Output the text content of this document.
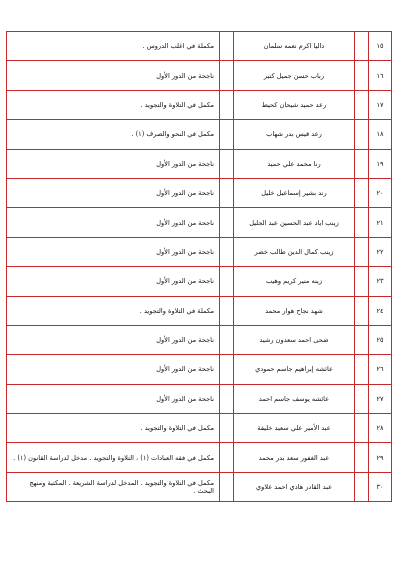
١٥		داليا اكرم نعمه سلمان		مكملة في اغلب الدروس .
١٦		رباب حسن جميل كتبر		ناجحة من الدور الأول
١٧		رعد حميد شيحان كحيط		مكمل في التلاوة والتجويد .
١٨		رعد قيس بدر شهاب		مكمل في النحو والصرف (١) .
١٩		رنا محمد علي حميد		ناجحة من الدور الأول
٢٠		رند بشير إسماعيل خليل		ناجحة من الدور الأول
٢١		زينب اياد عبد الحسين عبد الجليل		ناجحة من الدور الأول
٢٢		زينب كمال الدين طالب خضر		ناجحة من الدور الأول
٢٣		زينه منير كريم وهيب		ناجحة من الدور الأول
٢٤		شهد نجاح هوار محمد		مكملة في التلاوة والتجويد .
٢٥		ضحى احمد سعدون رشيد		ناجحة من الدور الأول
٢٦		عائشه إبراهيم جاسم حمودي		ناجحة من الدور الأول
٢٧		عائشه يوسف جاسم احمد		ناجحة من الدور الأول
٢٨		عبد الأمير علي سعيد خليفة		مكمل في التلاوة والتجويد .
٢٩		عبد الغفور سعد بدر محمد		مكمل في فقه العبادات (١) ، التلاوة والتجويد . مدخل لدراسة القانون (١) .
٣٠		عبد القادر هادي احمد علاوي		مكمل في التلاوة والتجويد . المدخل لدراسة الشريعة . المكتبة ومنهج البحث .
